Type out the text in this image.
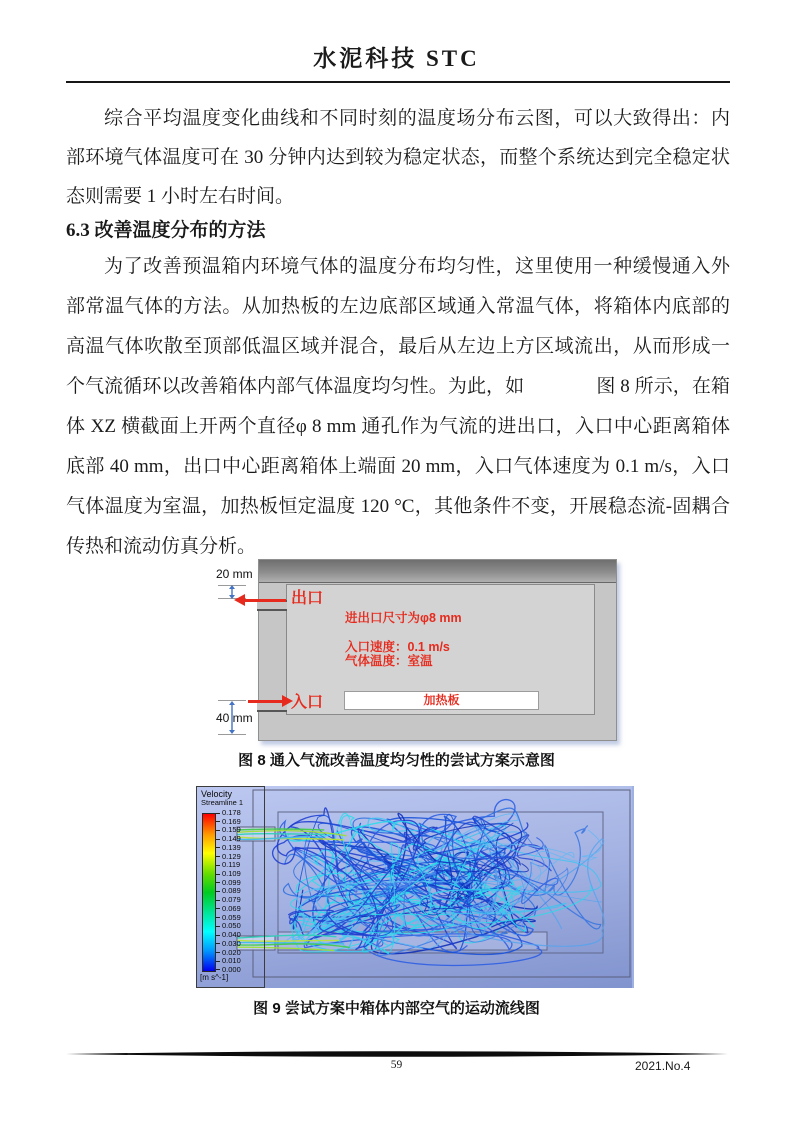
水泥科技 STC

综合平均温度变化曲线和不同时刻的温度场分布云图，可以大致得出：内部环境气体温度可在 30 分钟内达到较为稳定状态，而整个系统达到完全稳定状态则需要 1 小时左右时间。

6.3 改善温度分布的方法

为了改善预温箱内环境气体的温度分布均匀性，这里使用一种缓慢通入外部常温气体的方法。从加热板的左边底部区域通入常温气体，将箱体内底部的高温气体吹散至顶部低温区域并混合，最后从左边上方区域流出，从而形成一个气流循环以改善箱体内部气体温度均匀性。为此，如	图 8 所示，在箱体 XZ 横截面上开两个直径φ 8 mm 通孔作为气流的进出口，入口中心距离箱体底部 40 mm，出口中心距离箱体上端面 20 mm，入口气体速度为 0.1 m/s，入口气体温度为室温，加热板恒定温度 120 °C，其他条件不变，开展稳态流-固耦合传热和流动仿真分析。

20 mm
40 mm
出口
入口
进出口尺寸为φ8 mm
入口速度：0.1 m/s
气体温度：室温
加热板
图 8 通入气流改善温度均匀性的尝试方案示意图
Velocity
Streamline 1
0.178
0.169
0.159
0.149
0.139
0.129
0.119
0.109
0.099
0.089
0.079
0.069
0.059
0.050
0.040
0.030
0.020
0.010
0.000
[m s^-1]
图 9 尝试方案中箱体内部空气的运动流线图
59	2021.No.4
